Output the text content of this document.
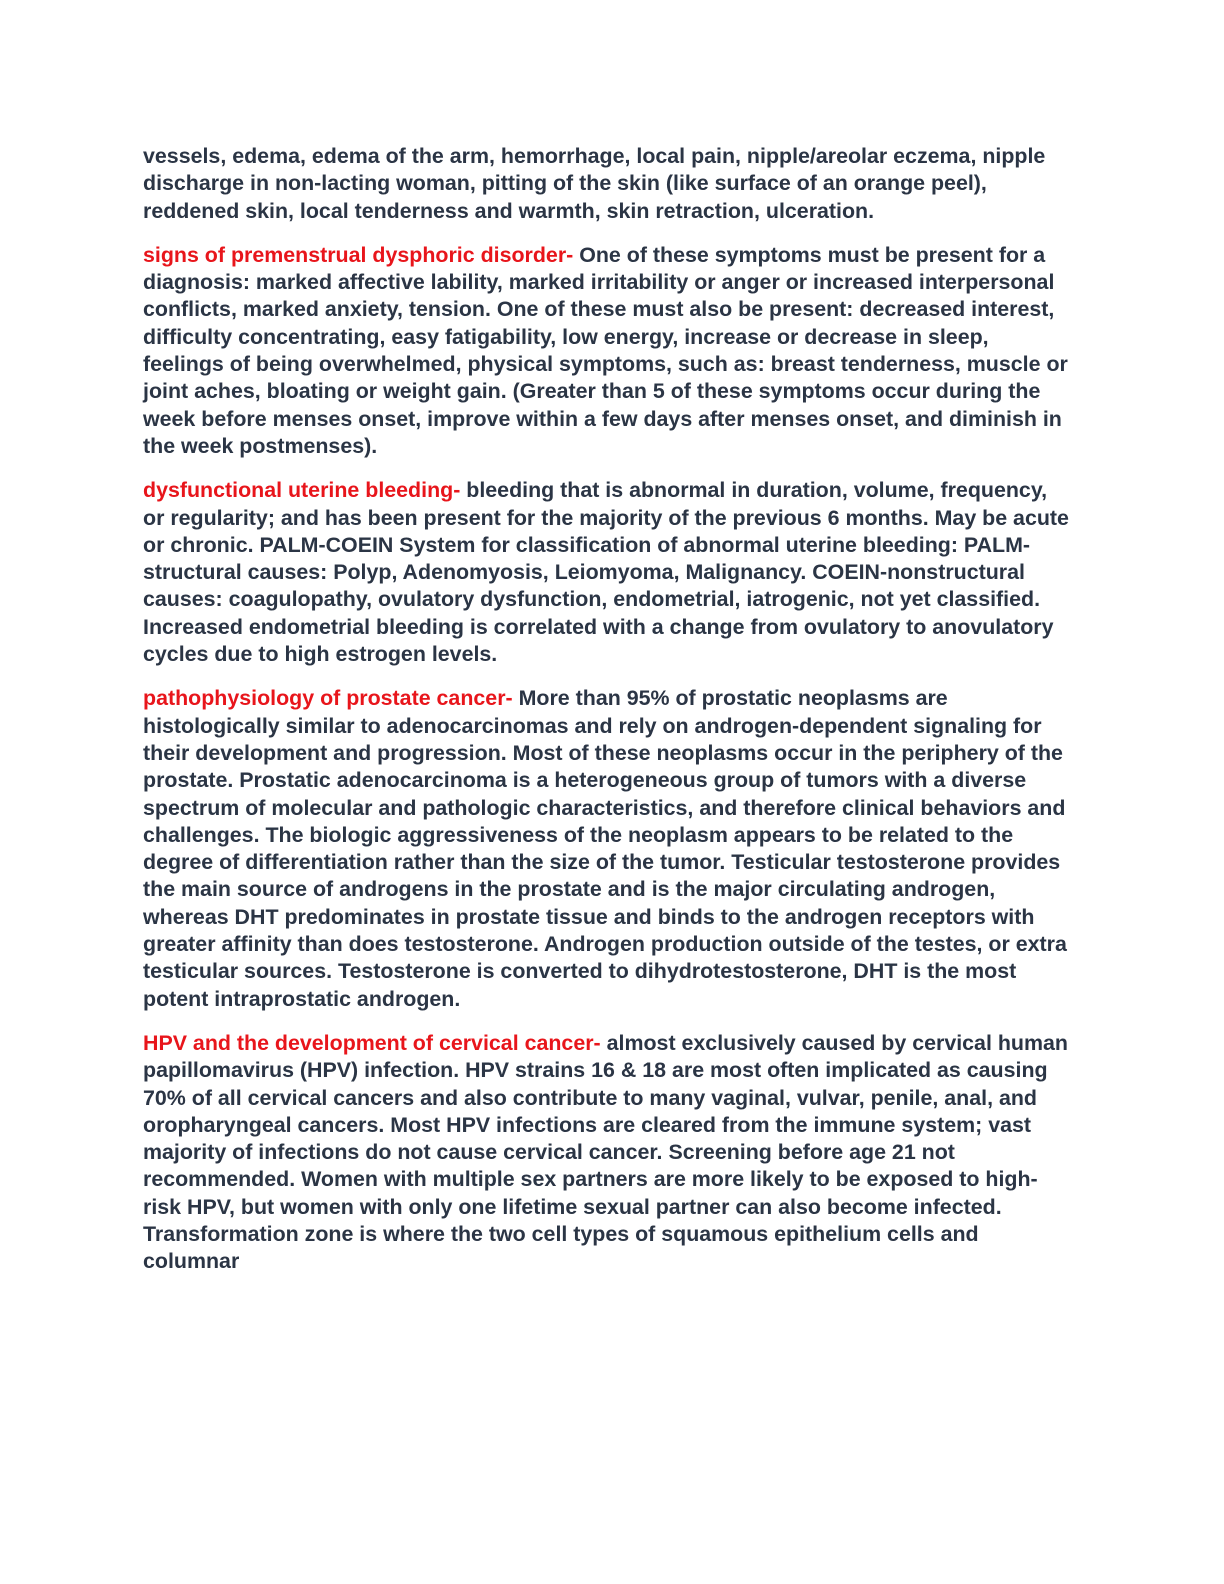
vessels, edema, edema of the arm, hemorrhage, local pain, nipple/areolar eczema, nipple discharge in non-lacting woman, pitting of the skin (like surface of an orange peel), reddened skin, local tenderness and warmth, skin retraction, ulceration.

signs of premenstrual dysphoric disorder- One of these symptoms must be present for a diagnosis: marked affective lability, marked irritability or anger or increased interpersonal conflicts, marked anxiety, tension. One of these must also be present: decreased interest, difficulty concentrating, easy fatigability, low energy, increase or decrease in sleep, feelings of being overwhelmed, physical symptoms, such as: breast tenderness, muscle or joint aches, bloating or weight gain. (Greater than 5 of these symptoms occur during the week before menses onset, improve within a few days after menses onset, and diminish in the week postmenses).

dysfunctional uterine bleeding- bleeding that is abnormal in duration, volume, frequency, or regularity; and has been present for the majority of the previous 6 months. May be acute or chronic. PALM-COEIN System for classification of abnormal uterine bleeding: PALM-structural causes: Polyp, Adenomyosis, Leiomyoma, Malignancy. COEIN-nonstructural causes: coagulopathy, ovulatory dysfunction, endometrial, iatrogenic, not yet classified. Increased endometrial bleeding is correlated with a change from ovulatory to anovulatory cycles due to high estrogen levels.

pathophysiology of prostate cancer- More than 95% of prostatic neoplasms are histologically similar to adenocarcinomas and rely on androgen-dependent signaling for their development and progression. Most of these neoplasms occur in the periphery of the prostate. Prostatic adenocarcinoma is a heterogeneous group of tumors with a diverse spectrum of molecular and pathologic characteristics, and therefore clinical behaviors and challenges. The biologic aggressiveness of the neoplasm appears to be related to the degree of differentiation rather than the size of the tumor. Testicular testosterone provides the main source of androgens in the prostate and is the major circulating androgen, whereas DHT predominates in prostate tissue and binds to the androgen receptors with greater affinity than does testosterone. Androgen production outside of the testes, or extra testicular sources. Testosterone is converted to dihydrotestosterone, DHT is the most potent intraprostatic androgen.

HPV and the development of cervical cancer- almost exclusively caused by cervical human papillomavirus (HPV) infection. HPV strains 16 & 18 are most often implicated as causing 70% of all cervical cancers and also contribute to many vaginal, vulvar, penile, anal, and oropharyngeal cancers. Most HPV infections are cleared from the immune system; vast majority of infections do not cause cervical cancer. Screening before age 21 not recommended. Women with multiple sex partners are more likely to be exposed to high-risk HPV, but women with only one lifetime sexual partner can also become infected. Transformation zone is where the two cell types of squamous epithelium cells and columnar
